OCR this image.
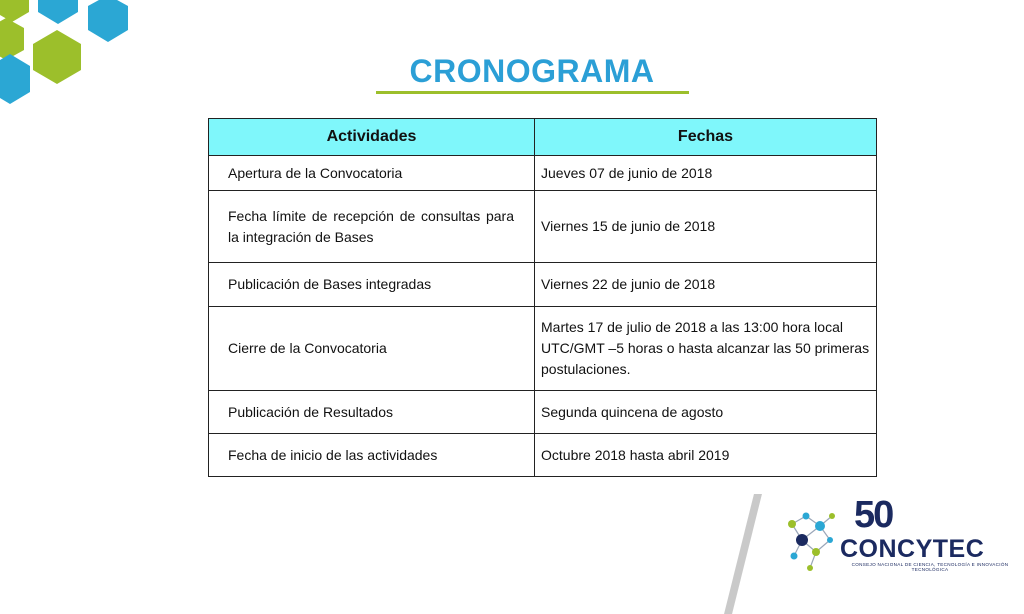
CRONOGRAMA
Actividades	Fechas
Apertura de la Convocatoria	Jueves 07 de junio de 2018
Fecha límite de recepción de consultas para la integración de Bases	Viernes 15 de junio de 2018
Publicación de Bases integradas	Viernes 22 de junio de 2018
Cierre de la Convocatoria	Martes 17 de julio de 2018 a las 13:00 hora local UTC/GMT –5 horas o hasta alcanzar las 50 primeras postulaciones.
Publicación de Resultados	Segunda quincena de agosto
Fecha de inicio de las actividades	Octubre 2018 hasta abril 2019
50 años
CONCYTEC
CONSEJO NACIONAL DE CIENCIA, TECNOLOGÍA E INNOVACIÓN TECNOLÓGICA
